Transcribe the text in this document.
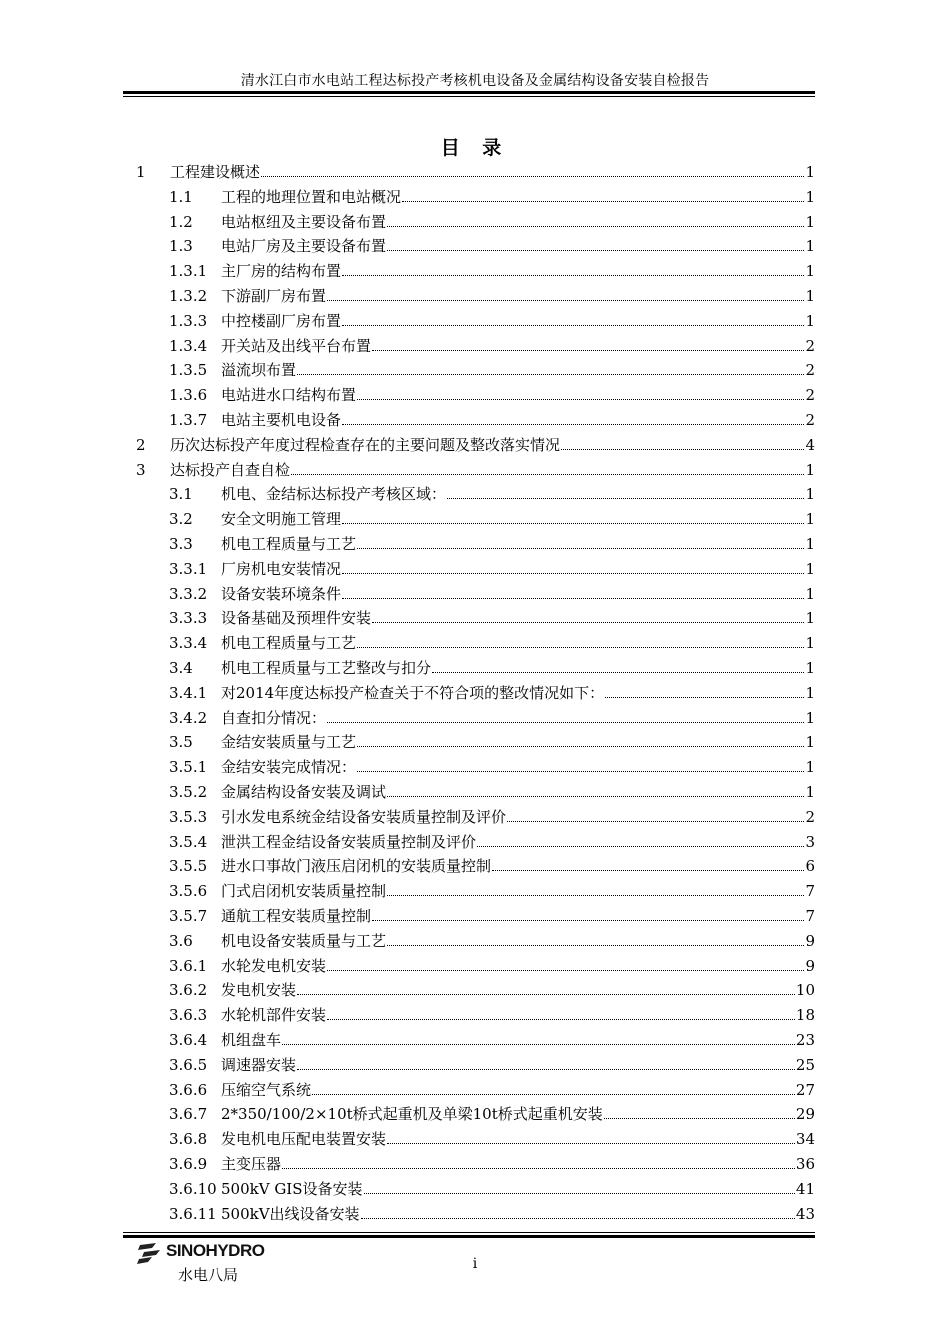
清水江白市水电站工程达标投产考核机电设备及金属结构设备安装自检报告
目 录
1	工程建设概述	1
1.1	工程的地理位置和电站概况	1
1.2	电站枢纽及主要设备布置	1
1.3	电站厂房及主要设备布置	1
1.3.1 主厂房的结构布置	1
1.3.2 下游副厂房布置	1
1.3.3 中控楼副厂房布置	1
1.3.4 开关站及出线平台布置	2
1.3.5 溢流坝布置	2
1.3.6 电站进水口结构布置	2
1.3.7 电站主要机电设备	2
2	历次达标投产年度过程检查存在的主要问题及整改落实情况	4
3	达标投产自查自检	1
3.1	机电、金结标达标投产考核区域：	1
3.2	安全文明施工管理	1
3.3	机电工程质量与工艺	1
3.3.1 厂房机电安装情况	1
3.3.2 设备安装环境条件	1
3.3.3 设备基础及预埋件安装	1
3.3.4 机电工程质量与工艺	1
3.4	机电工程质量与工艺整改与扣分	1
3.4.1 对2014年度达标投产检查关于不符合项的整改情况如下：	1
3.4.2 自查扣分情况：	1
3.5	金结安装质量与工艺	1
3.5.1 金结安装完成情况：	1
3.5.2 金属结构设备安装及调试	1
3.5.3 引水发电系统金结设备安装质量控制及评价	2
3.5.4 泄洪工程金结设备安装质量控制及评价	3
3.5.5 进水口事故门液压启闭机的安装质量控制	6
3.5.6 门式启闭机安装质量控制	7
3.5.7 通航工程安装质量控制	7
3.6	机电设备安装质量与工艺	9
3.6.1 水轮发电机安装	9
3.6.2 发电机安装	10
3.6.3 水轮机部件安装	18
3.6.4 机组盘车	23
3.6.5 调速器安装	25
3.6.6 压缩空气系统	27
3.6.7 2*350/100/2×10t桥式起重机及单梁10t桥式起重机安装	29
3.6.8 发电机电压配电装置安装	34
3.6.9 主变压器	36
3.6.10 500kV GIS设备安装	41
3.6.11 500kV出线设备安装	43
SINOHYDRO
水电八局
i
